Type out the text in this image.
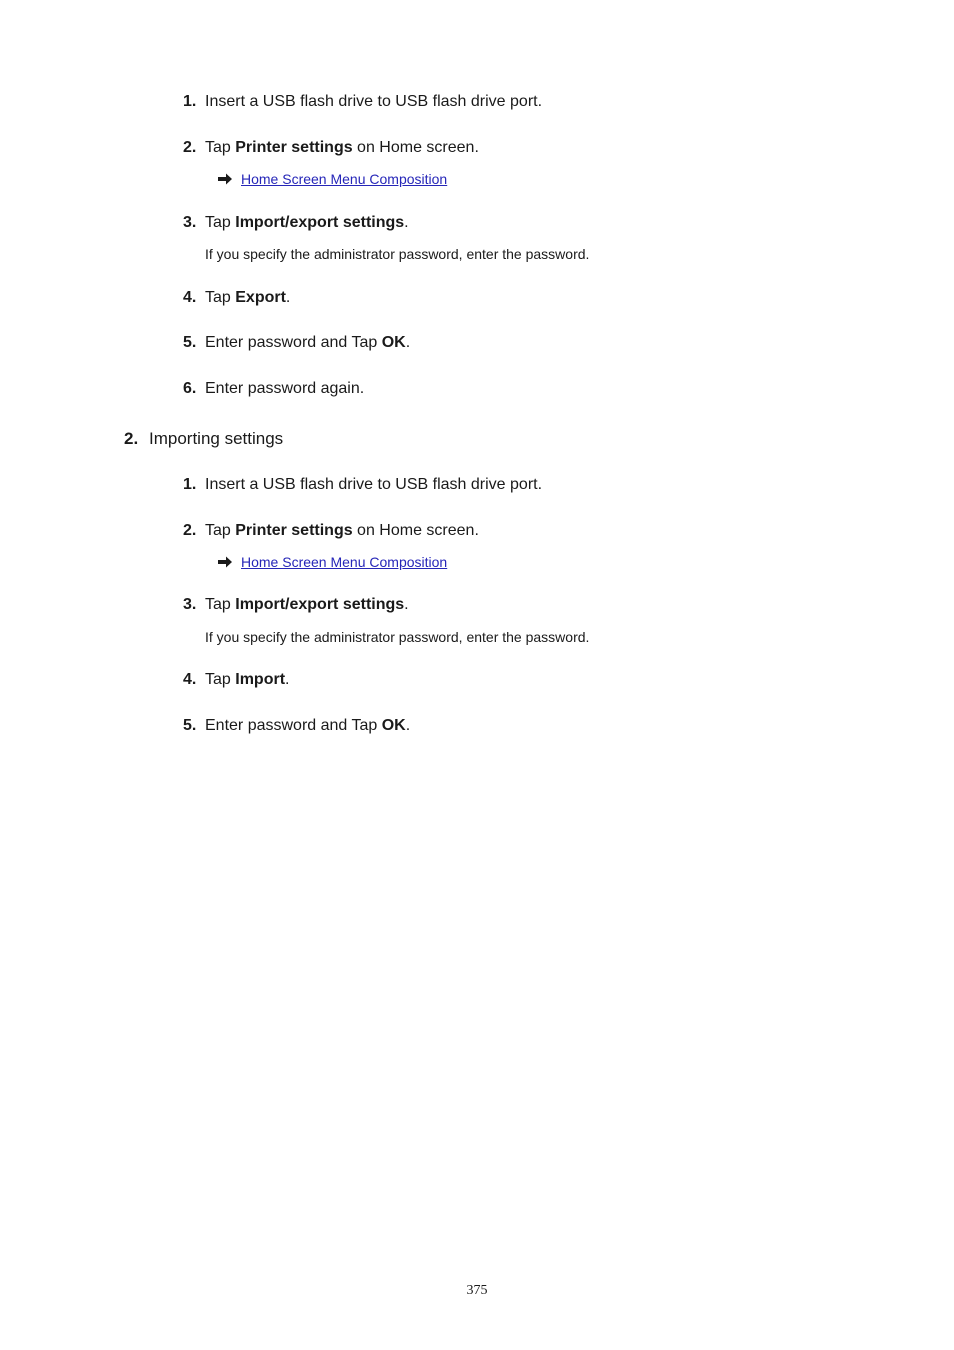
1. Insert a USB flash drive to USB flash drive port.
2. Tap Printer settings on Home screen.
Home Screen Menu Composition
3. Tap Import/export settings.
If you specify the administrator password, enter the password.
4. Tap Export.
5. Enter password and Tap OK.
6. Enter password again.
2. Importing settings
1. Insert a USB flash drive to USB flash drive port.
2. Tap Printer settings on Home screen.
Home Screen Menu Composition
3. Tap Import/export settings.
If you specify the administrator password, enter the password.
4. Tap Import.
5. Enter password and Tap OK.
375
